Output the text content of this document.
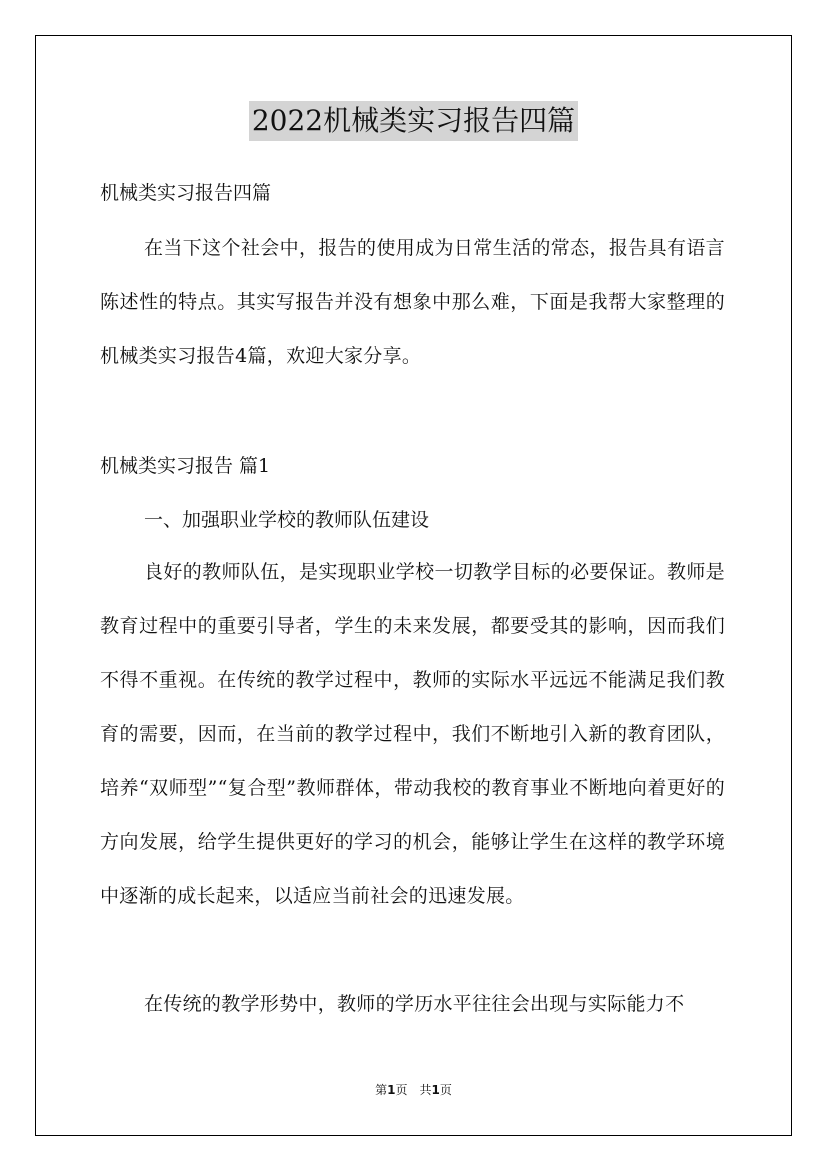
2022机械类实习报告四篇

机械类实习报告四篇

在当下这个社会中，报告的使用成为日常生活的常态，报告具有语言陈述性的特点。其实写报告并没有想象中那么难，下面是我帮大家整理的机械类实习报告4篇，欢迎大家分享。

机械类实习报告 篇1

一、加强职业学校的教师队伍建设

良好的教师队伍，是实现职业学校一切教学目标的必要保证。教师是教育过程中的重要引导者，学生的未来发展，都要受其的影响，因而我们不得不重视。在传统的教学过程中，教师的实际水平远远不能满足我们教育的需要，因而，在当前的教学过程中，我们不断地引入新的教育团队，培养“双师型”“复合型”教师群体，带动我校的教育事业不断地向着更好的方向发展，给学生提供更好的学习的机会，能够让学生在这样的教学环境中逐渐的成长起来，以适应当前社会的迅速发展。

在传统的教学形势中，教师的学历水平往往会出现与实际能力不

第1页　共1页
